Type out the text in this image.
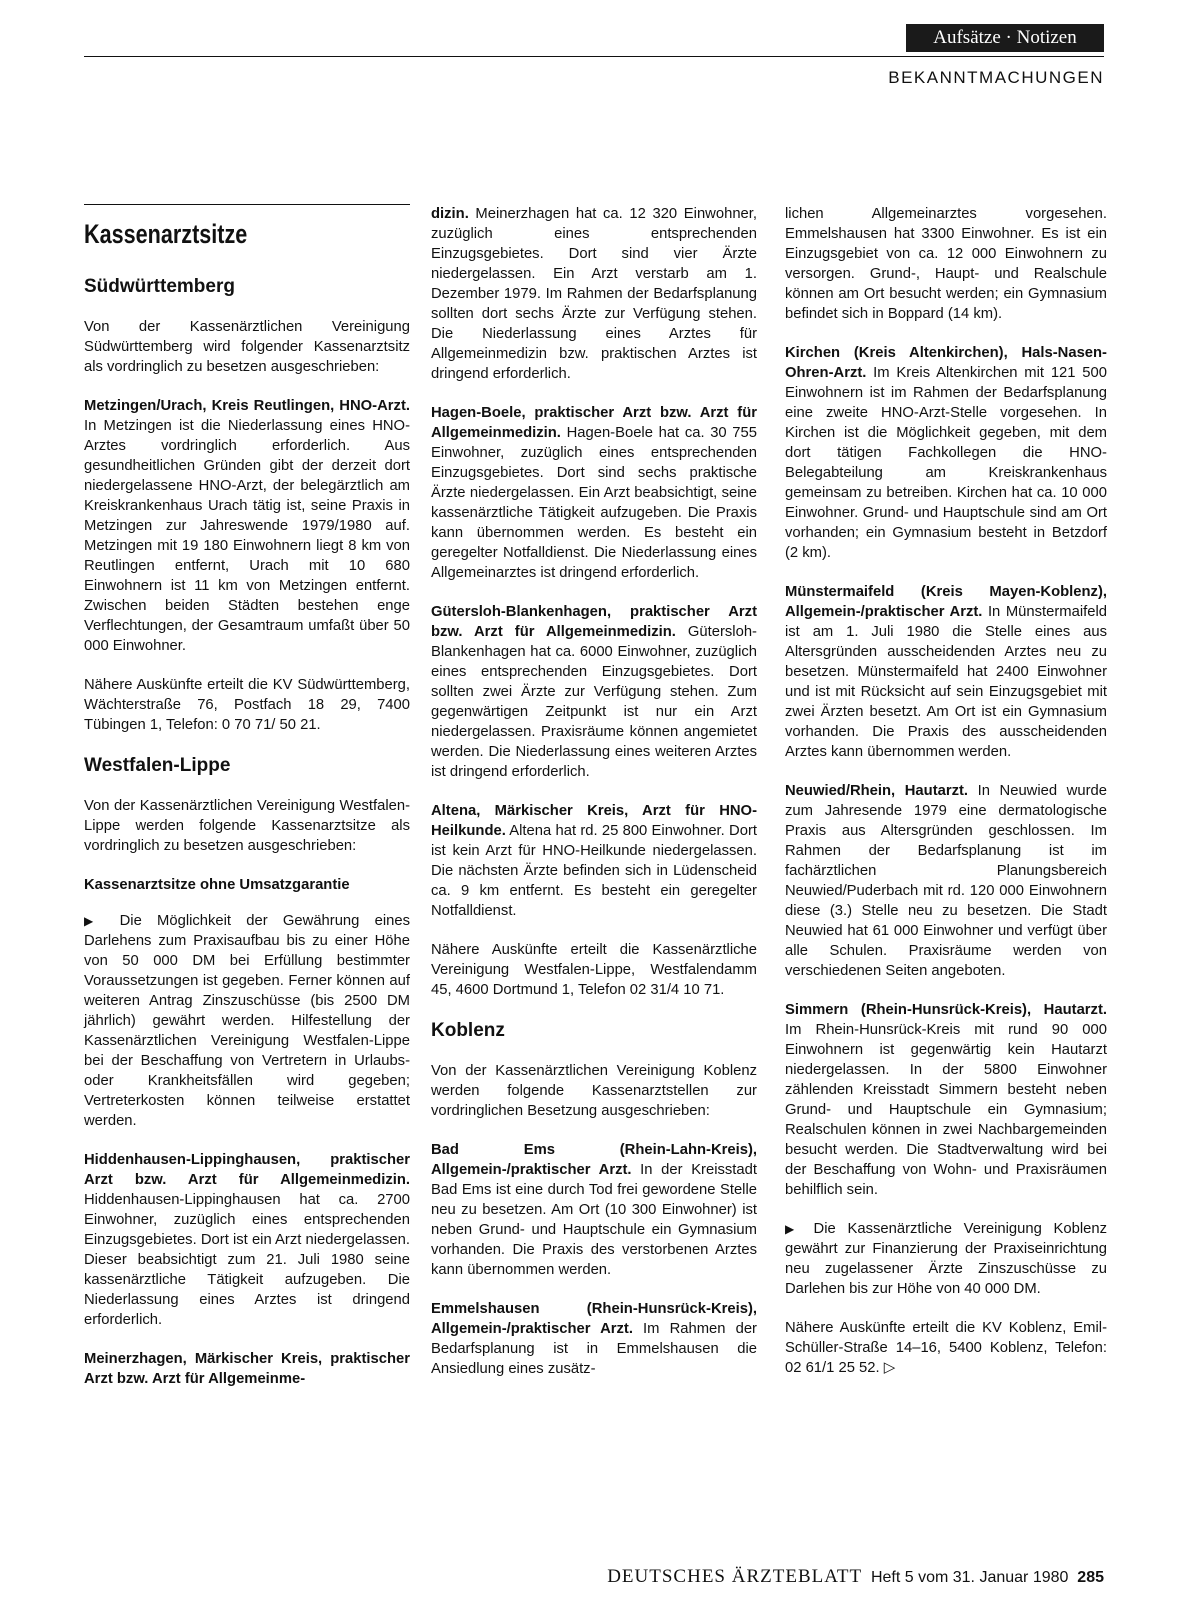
Aufsätze · Notizen
BEKANNTMACHUNGEN
Kassenarztsitze
Südwürttemberg

Von der Kassenärztlichen Vereinigung Südwürttemberg wird folgender Kassenarztsitz als vordringlich zu besetzen ausgeschrieben:

Metzingen/Urach, Kreis Reutlingen, HNO-Arzt. In Metzingen ist die Niederlassung eines HNO-Arztes vordringlich erforderlich. Aus gesundheitlichen Gründen gibt der derzeit dort niedergelassene HNO-Arzt, der belegärztlich am Kreiskrankenhaus Urach tätig ist, seine Praxis in Metzingen zur Jahreswende 1979/1980 auf. Metzingen mit 19 180 Einwohnern liegt 8 km von Reutlingen entfernt, Urach mit 10 680 Einwohnern ist 11 km von Metzingen entfernt. Zwischen beiden Städten bestehen enge Verflechtungen, der Gesamtraum umfaßt über 50 000 Einwohner.

Nähere Auskünfte erteilt die KV Südwürttemberg, Wächterstraße 76, Postfach 18 29, 7400 Tübingen 1, Telefon: 0 70 71/ 50 21.

Westfalen-Lippe

Von der Kassenärztlichen Vereinigung Westfalen-Lippe werden folgende Kassenarztsitze als vordringlich zu besetzen ausgeschrieben:

Kassenarztsitze ohne Umsatzgarantie

▶ Die Möglichkeit der Gewährung eines Darlehens zum Praxisaufbau bis zu einer Höhe von 50 000 DM bei Erfüllung bestimmter Voraussetzungen ist gegeben. Ferner können auf weiteren Antrag Zinszuschüsse (bis 2500 DM jährlich) gewährt werden. Hilfestellung der Kassenärztlichen Vereinigung Westfalen-Lippe bei der Beschaffung von Vertretern in Urlaubs- oder Krankheitsfällen wird gegeben; Vertreterkosten können teilweise erstattet werden.

Hiddenhausen-Lippinghausen, praktischer Arzt bzw. Arzt für Allgemeinmedizin. Hiddenhausen-Lippinghausen hat ca. 2700 Einwohner, zuzüglich eines entsprechenden Einzugsgebietes. Dort ist ein Arzt niedergelassen. Dieser beabsichtigt zum 21. Juli 1980 seine kassenärztliche Tätigkeit aufzugeben. Die Niederlassung eines Arztes ist dringend erforderlich.

Meinerzhagen, Märkischer Kreis, praktischer Arzt bzw. Arzt für Allgemeinme-

dizin. Meinerzhagen hat ca. 12 320 Einwohner, zuzüglich eines entsprechenden Einzugsgebietes. Dort sind vier Ärzte niedergelassen. Ein Arzt verstarb am 1. Dezember 1979. Im Rahmen der Bedarfsplanung sollten dort sechs Ärzte zur Verfügung stehen. Die Niederlassung eines Arztes für Allgemeinmedizin bzw. praktischen Arztes ist dringend erforderlich.

Hagen-Boele, praktischer Arzt bzw. Arzt für Allgemeinmedizin. Hagen-Boele hat ca. 30 755 Einwohner, zuzüglich eines entsprechenden Einzugsgebietes. Dort sind sechs praktische Ärzte niedergelassen. Ein Arzt beabsichtigt, seine kassenärztliche Tätigkeit aufzugeben. Die Praxis kann übernommen werden. Es besteht ein geregelter Notfalldienst. Die Niederlassung eines Allgemeinarztes ist dringend erforderlich.

Gütersloh-Blankenhagen, praktischer Arzt bzw. Arzt für Allgemeinmedizin. Gütersloh-Blankenhagen hat ca. 6000 Einwohner, zuzüglich eines entsprechenden Einzugsgebietes. Dort sollten zwei Ärzte zur Verfügung stehen. Zum gegenwärtigen Zeitpunkt ist nur ein Arzt niedergelassen. Praxisräume können angemietet werden. Die Niederlassung eines weiteren Arztes ist dringend erforderlich.

Altena, Märkischer Kreis, Arzt für HNO-Heilkunde. Altena hat rd. 25 800 Einwohner. Dort ist kein Arzt für HNO-Heilkunde niedergelassen. Die nächsten Ärzte befinden sich in Lüdenscheid ca. 9 km entfernt. Es besteht ein geregelter Notfalldienst.

Nähere Auskünfte erteilt die Kassenärztliche Vereinigung Westfalen-Lippe, Westfalendamm 45, 4600 Dortmund 1, Telefon 02 31/4 10 71.

Koblenz

Von der Kassenärztlichen Vereinigung Koblenz werden folgende Kassenarztstellen zur vordringlichen Besetzung ausgeschrieben:

Bad Ems (Rhein-Lahn-Kreis), Allgemein-/praktischer Arzt. In der Kreisstadt Bad Ems ist eine durch Tod frei gewordene Stelle neu zu besetzen. Am Ort (10 300 Einwohner) ist neben Grund- und Hauptschule ein Gymnasium vorhanden. Die Praxis des verstorbenen Arztes kann übernommen werden.

Emmelshausen (Rhein-Hunsrück-Kreis), Allgemein-/praktischer Arzt. Im Rahmen der Bedarfsplanung ist in Emmelshausen die Ansiedlung eines zusätz-

lichen Allgemeinarztes vorgesehen. Emmelshausen hat 3300 Einwohner. Es ist ein Einzugsgebiet von ca. 12 000 Einwohnern zu versorgen. Grund-, Haupt- und Realschule können am Ort besucht werden; ein Gymnasium befindet sich in Boppard (14 km).

Kirchen (Kreis Altenkirchen), Hals-Nasen-Ohren-Arzt. Im Kreis Altenkirchen mit 121 500 Einwohnern ist im Rahmen der Bedarfsplanung eine zweite HNO-Arzt-Stelle vorgesehen. In Kirchen ist die Möglichkeit gegeben, mit dem dort tätigen Fachkollegen die HNO-Belegabteilung am Kreiskrankenhaus gemeinsam zu betreiben. Kirchen hat ca. 10 000 Einwohner. Grund- und Hauptschule sind am Ort vorhanden; ein Gymnasium besteht in Betzdorf (2 km).

Münstermaifeld (Kreis Mayen-Koblenz), Allgemein-/praktischer Arzt. In Münstermaifeld ist am 1. Juli 1980 die Stelle eines aus Altersgründen ausscheidenden Arztes neu zu besetzen. Münstermaifeld hat 2400 Einwohner und ist mit Rücksicht auf sein Einzugsgebiet mit zwei Ärzten besetzt. Am Ort ist ein Gymnasium vorhanden. Die Praxis des ausscheidenden Arztes kann übernommen werden.

Neuwied/Rhein, Hautarzt. In Neuwied wurde zum Jahresende 1979 eine dermatologische Praxis aus Altersgründen geschlossen. Im Rahmen der Bedarfsplanung ist im fachärztlichen Planungsbereich Neuwied/Puderbach mit rd. 120 000 Einwohnern diese (3.) Stelle neu zu besetzen. Die Stadt Neuwied hat 61 000 Einwohner und verfügt über alle Schulen. Praxisräume werden von verschiedenen Seiten angeboten.

Simmern (Rhein-Hunsrück-Kreis), Hautarzt. Im Rhein-Hunsrück-Kreis mit rund 90 000 Einwohnern ist gegenwärtig kein Hautarzt niedergelassen. In der 5800 Einwohner zählenden Kreisstadt Simmern besteht neben Grund- und Hauptschule ein Gymnasium; Realschulen können in zwei Nachbargemeinden besucht werden. Die Stadtverwaltung wird bei der Beschaffung von Wohn- und Praxisräumen behilflich sein.

▶ Die Kassenärztliche Vereinigung Koblenz gewährt zur Finanzierung der Praxiseinrichtung neu zugelassener Ärzte Zinszuschüsse zu Darlehen bis zur Höhe von 40 000 DM.

Nähere Auskünfte erteilt die KV Koblenz, Emil-Schüller-Straße 14–16, 5400 Koblenz, Telefon: 02 61/1 25 52. ▷

DEUTSCHES ÄRZTEBLATT Heft 5 vom 31. Januar 1980 285
